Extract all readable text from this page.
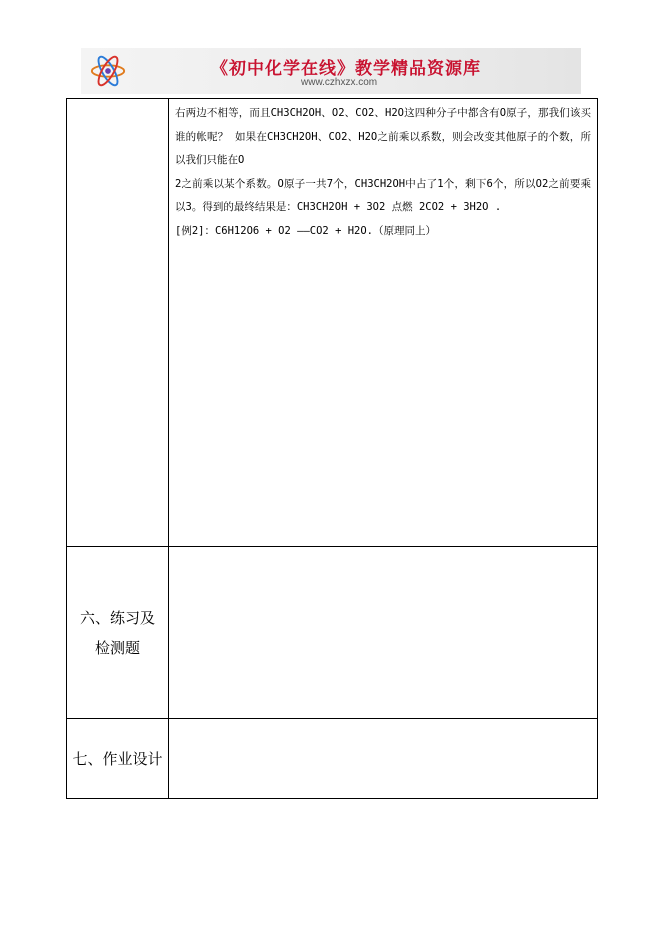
《初中化学在线》教学精品资源库
www.czhxzx.com

	右两边不相等，而且CH3CH2OH、O2、CO2、H2O这四种分子中都含有O原子，那我们该买谁的帐呢？ 如果在CH3CH2OH、CO2、H2O之前乘以系数，则会改变其他原子的个数，所以我们只能在O

2之前乘以某个系数。O原子一共7个，CH3CH2OH中占了1个，剩下6个，所以O2之前要乘以3。得到的最终结果是：CH3CH2OH + 3O2 点燃 2CO2 + 3H2O .

[例2]：C6H12O6 + O2 ——CO2 + H2O.（原理同上）

六、练习及检测题	
七、作业设计	
